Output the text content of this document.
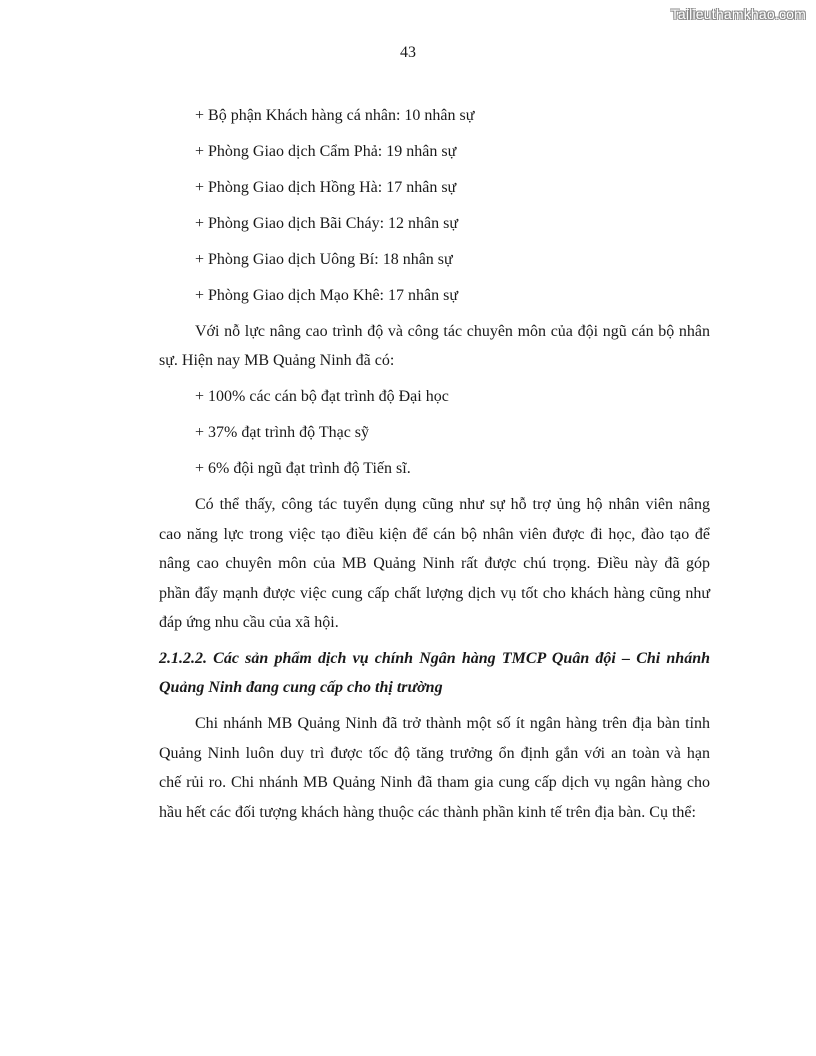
Tailieuthamkhao.com
43
+ Bộ phận Khách hàng cá nhân: 10 nhân sự
+ Phòng Giao dịch Cẩm Phả: 19 nhân sự
+ Phòng Giao dịch Hồng Hà: 17 nhân sự
+ Phòng Giao dịch Bãi Cháy: 12 nhân sự
+ Phòng Giao dịch Uông Bí: 18 nhân sự
+ Phòng Giao dịch Mạo Khê: 17 nhân sự
Với nỗ lực nâng cao trình độ và công tác chuyên môn của đội ngũ cán bộ nhân
sự. Hiện nay MB Quảng Ninh đã có:
+ 100% các cán bộ đạt trình độ Đại học
+ 37% đạt trình độ Thạc sỹ
+ 6% đội ngũ đạt trình độ Tiến sĩ.
Có thể thấy, công tác tuyển dụng cũng như sự hỗ trợ ủng hộ nhân viên nâng
cao năng lực trong việc tạo điều kiện để cán bộ nhân viên được đi học, đào tạo để
nâng cao chuyên môn của MB Quảng Ninh rất được chú trọng. Điều này đã góp
phần đẩy mạnh được việc cung cấp chất lượng dịch vụ tốt cho khách hàng cũng như
đáp ứng nhu cầu của xã hội.
2.1.2.2. Các sản phẩm dịch vụ chính Ngân hàng TMCP Quân đội – Chi nhánh
Quảng Ninh đang cung cấp cho thị trường
Chi nhánh MB Quảng Ninh đã trở thành một số ít ngân hàng trên địa bàn tỉnh
Quảng Ninh luôn duy trì được tốc độ tăng trưởng ổn định gắn với an toàn và hạn
chế rủi ro. Chi nhánh MB Quảng Ninh đã tham gia cung cấp dịch vụ ngân hàng cho
hầu hết các đối tượng khách hàng thuộc các thành phần kinh tế trên địa bàn. Cụ thể:
